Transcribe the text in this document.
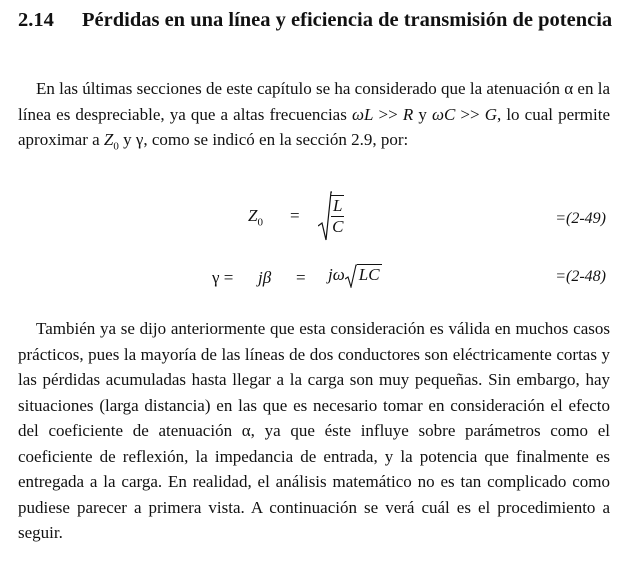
2.14 Pérdidas en una línea y eficiencia de transmisión de potencia

En las últimas secciones de este capítulo se ha considerado que la atenuación α en la línea es despreciable, ya que a altas frecuencias ωL >> R y ωC >> G, lo cual permite aproximar a $Z_0$ y γ, como se indicó en la sección 2.9, por:

$Z_0 = \frac{L}{C}$	=(2-49)
γ = jβ = jω LC	=(2-48)

También ya se dijo anteriormente que esta consideración es válida en muchos casos prácticos, pues la mayoría de las líneas de dos conductores son eléctricamente cortas y las pérdidas acumuladas hasta llegar a la carga son muy pequeñas. Sin embargo, hay situaciones (larga distancia) en las que es necesario tomar en consideración el efecto del coeficiente de atenuación α, ya que éste influye sobre parámetros como el coeficiente de reflexión, la impedancia de entrada, y la potencia que finalmente es entregada a la carga. En realidad, el análisis matemático no es tan complicado como pudiese parecer a primera vista. A continuación se verá cuál es el procedimiento a seguir.
